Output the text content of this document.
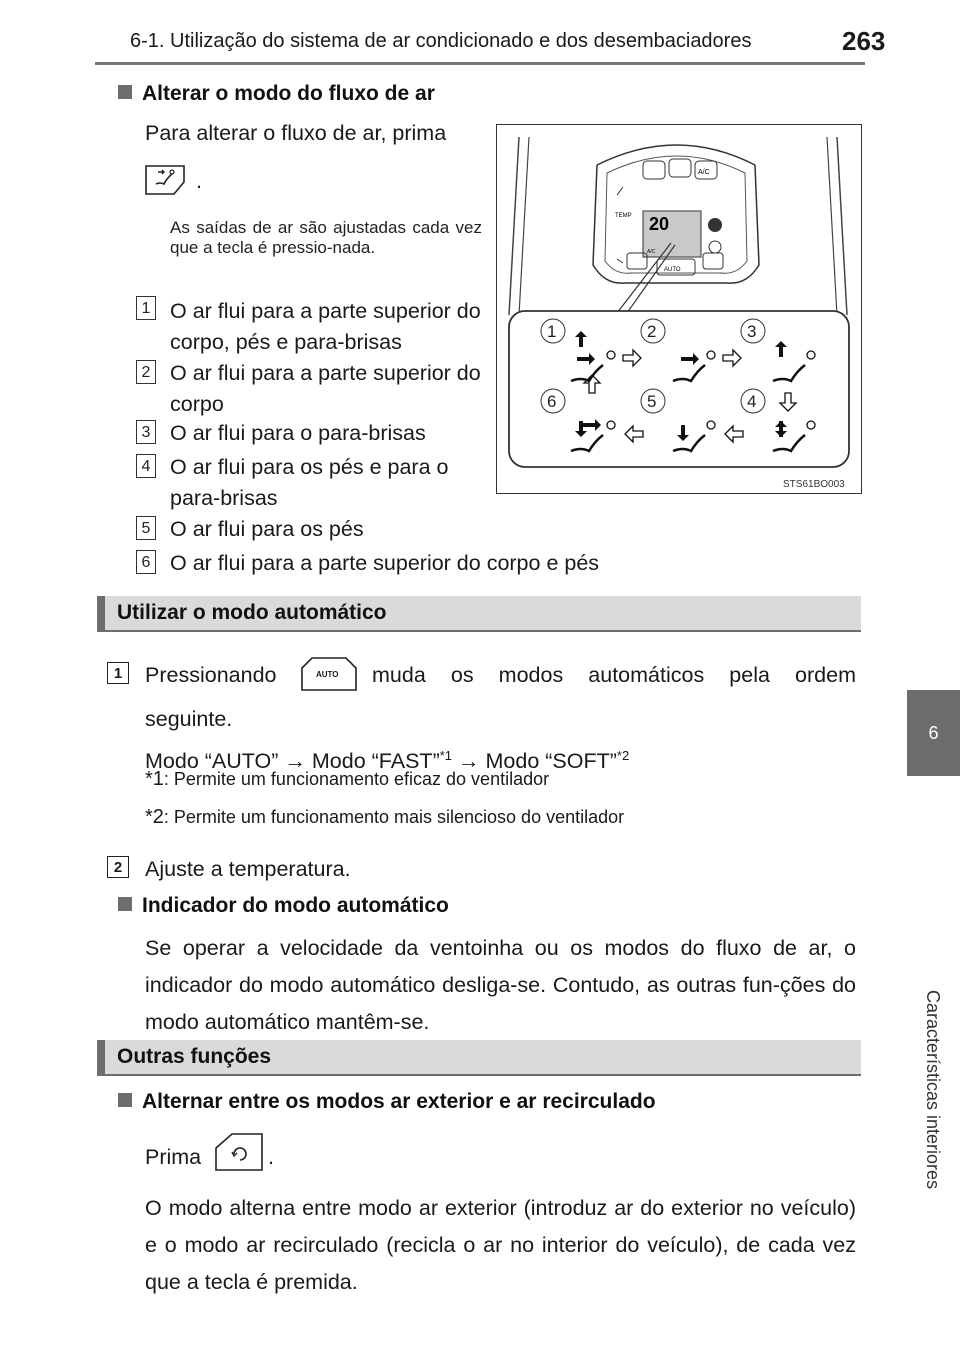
6-1. Utilização do sistema de ar condicionado e dos desembaciadores	263
6
Características interiores
Alterar o modo do fluxo de ar
Para alterar o fluxo de ar, prima
.
As saídas de ar são ajustadas cada vez que a tecla é pressio-nada.
1 O ar flui para a parte superior do corpo, pés e para-brisas
2 O ar flui para a parte superior do corpo
3 O ar flui para o para-brisas
4 O ar flui para os pés e para o para-brisas
5 O ar flui para os pés
6 O ar flui para a parte superior do corpo e pés
A/C
20
A/C
TEMP
AUTO
1	2	3
4
5
6
STS61BO003
Utilizar o modo automático
1	Pressionando	AUTO muda os modos automáticos pela ordem
seguinte.
Modo “AUTO” → Modo “FAST”$^{*1}$ → Modo “SOFT”$^{*2}$
*1: Permite um funcionamento eficaz do ventilador
*2: Permite um funcionamento mais silencioso do ventilador
2	Ajuste a temperatura.
Indicador do modo automático
Se operar a velocidade da ventoinha ou os modos do fluxo de ar, o indicador do modo automático desliga-se. Contudo, as outras fun-ções do modo automático mantêm-se.
Outras funções
Alternar entre os modos ar exterior e ar recirculado
Prima	.
O modo alterna entre modo ar exterior (introduz ar do exterior no veículo) e o modo ar recirculado (recicla o ar no interior do veículo), de cada vez que a tecla é premida.
